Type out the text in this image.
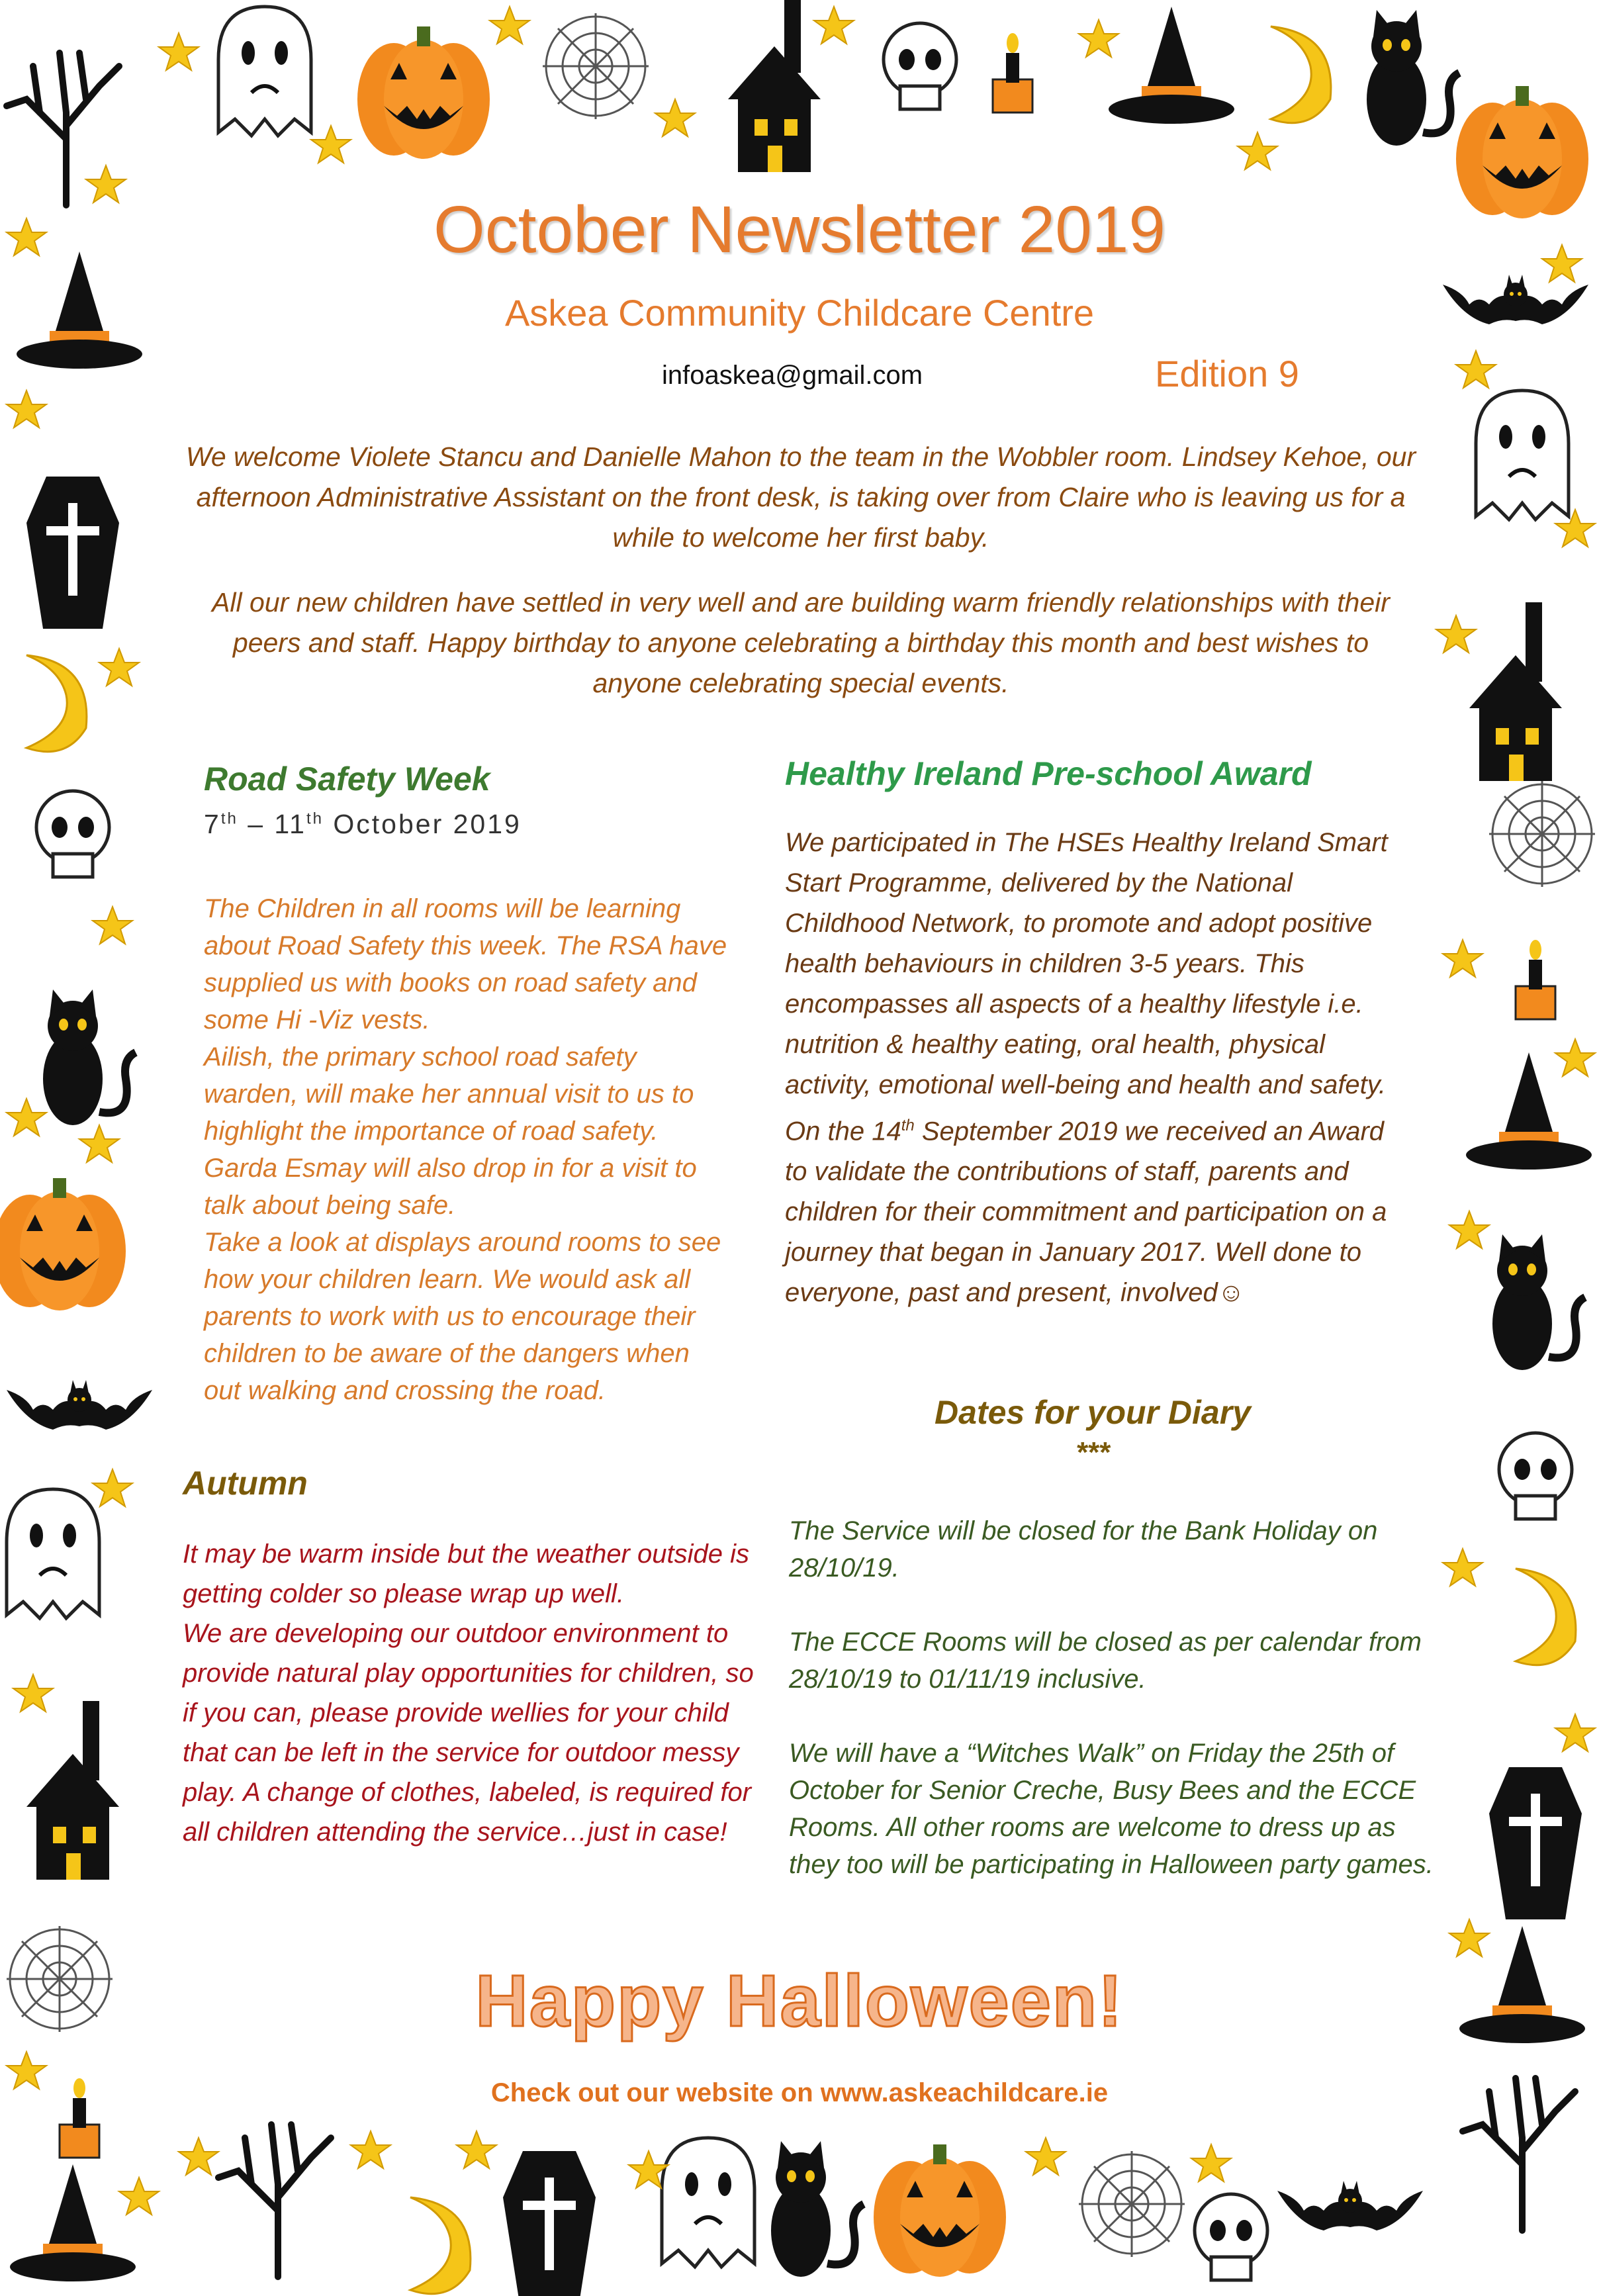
October Newsletter 2019
Askea Community Childcare Centre
infoaskea@gmail.com	Edition 9

We welcome Violete Stancu and Danielle Mahon to the team in the Wobbler room. Lindsey Kehoe, our afternoon Administrative Assistant on the front desk, is taking over from Claire who is leaving us for a while to welcome her first baby.

All our new children have settled in very well and are building warm friendly relationships with their peers and staff. Happy birthday to anyone celebrating a birthday this month and best wishes to anyone celebrating special events.

Road Safety Week
7th – 11th October 2019

The Children in all rooms will be learning about Road Safety this week. The RSA have supplied us with books on road safety and some Hi -Viz vests.

Ailish, the primary school road safety warden, will make her annual visit to us to highlight the importance of road safety.

Garda Esmay will also drop in for a visit to talk about being safe.

Take a look at displays around rooms to see how your children learn. We would ask all parents to work with us to encourage their children to be aware of the dangers when out walking and crossing the road.

Autumn

It may be warm inside but the weather outside is getting colder so please wrap up well.

We are developing our outdoor environment to provide natural play opportunities for children, so if you can, please provide wellies for your child that can be left in the service for outdoor messy play. A change of clothes, labeled, is required for all children attending the service…just in case!

Healthy Ireland Pre-school Award

We participated in The HSEs Healthy Ireland Smart Start Programme, delivered by the National Childhood Network, to promote and adopt positive health behaviours in children 3-5 years. This encompasses all aspects of a healthy lifestyle i.e. nutrition & healthy eating, oral health, physical activity, emotional well-being and health and safety.

On the 14th September 2019 we received an Award to validate the contributions of staff, parents and children for their commitment and participation on a journey that began in January 2017. Well done to everyone, past and present, involved☺

Dates for your Diary
***

The Service will be closed for the Bank Holiday on 28/10/19.

The ECCE Rooms will be closed as per calendar from 28/10/19 to 01/11/19 inclusive.

We will have a “Witches Walk” on Friday the 25th of October for Senior Creche, Busy Bees and the ECCE Rooms. All other rooms are welcome to dress up as they too will be participating in Halloween party games.

Happy Halloween!
Check out our website on www.askeachildcare.ie
